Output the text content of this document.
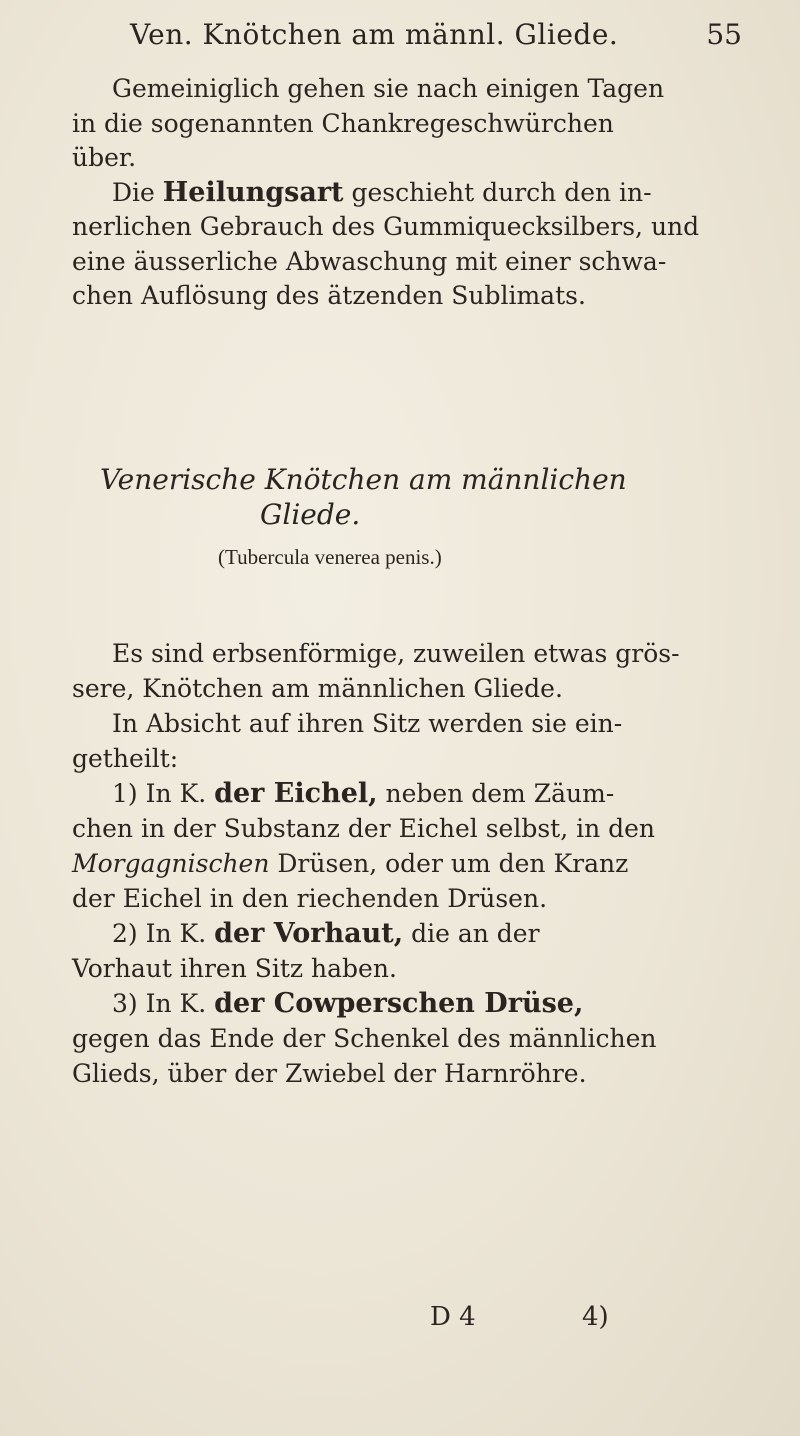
Ven. Knötchen am männl. Gliede.	55

Gemeiniglich gehen sie nach einigen Tagen

in die sogenannten Chankregeschwürchen

über.

Die Heilungsart geschieht durch den in-

nerlichen Gebrauch des Gummiquecksilbers, und

eine äusserliche Abwaschung mit einer schwa-

chen Auflösung des ätzenden Sublimats.

Venerische Knötchen am männlichen

Gliede.

(Tubercula venerea penis.)

Es sind erbsenförmige, zuweilen etwas grös-

sere, Knötchen am männlichen Gliede.

In Absicht auf ihren Sitz werden sie ein-

getheilt:

1) In K. der Eichel, neben dem Zäum-

chen in der Substanz der Eichel selbst, in den

Morgagnischen Drüsen, oder um den Kranz

der Eichel in den riechenden Drüsen.

2) In K. der Vorhaut, die an der

Vorhaut ihren Sitz haben.

3) In K. der Cowperschen Drüse,

gegen das Ende der Schenkel des männlichen

Glieds, über der Zwiebel der Harnröhre.

D 4	4)
